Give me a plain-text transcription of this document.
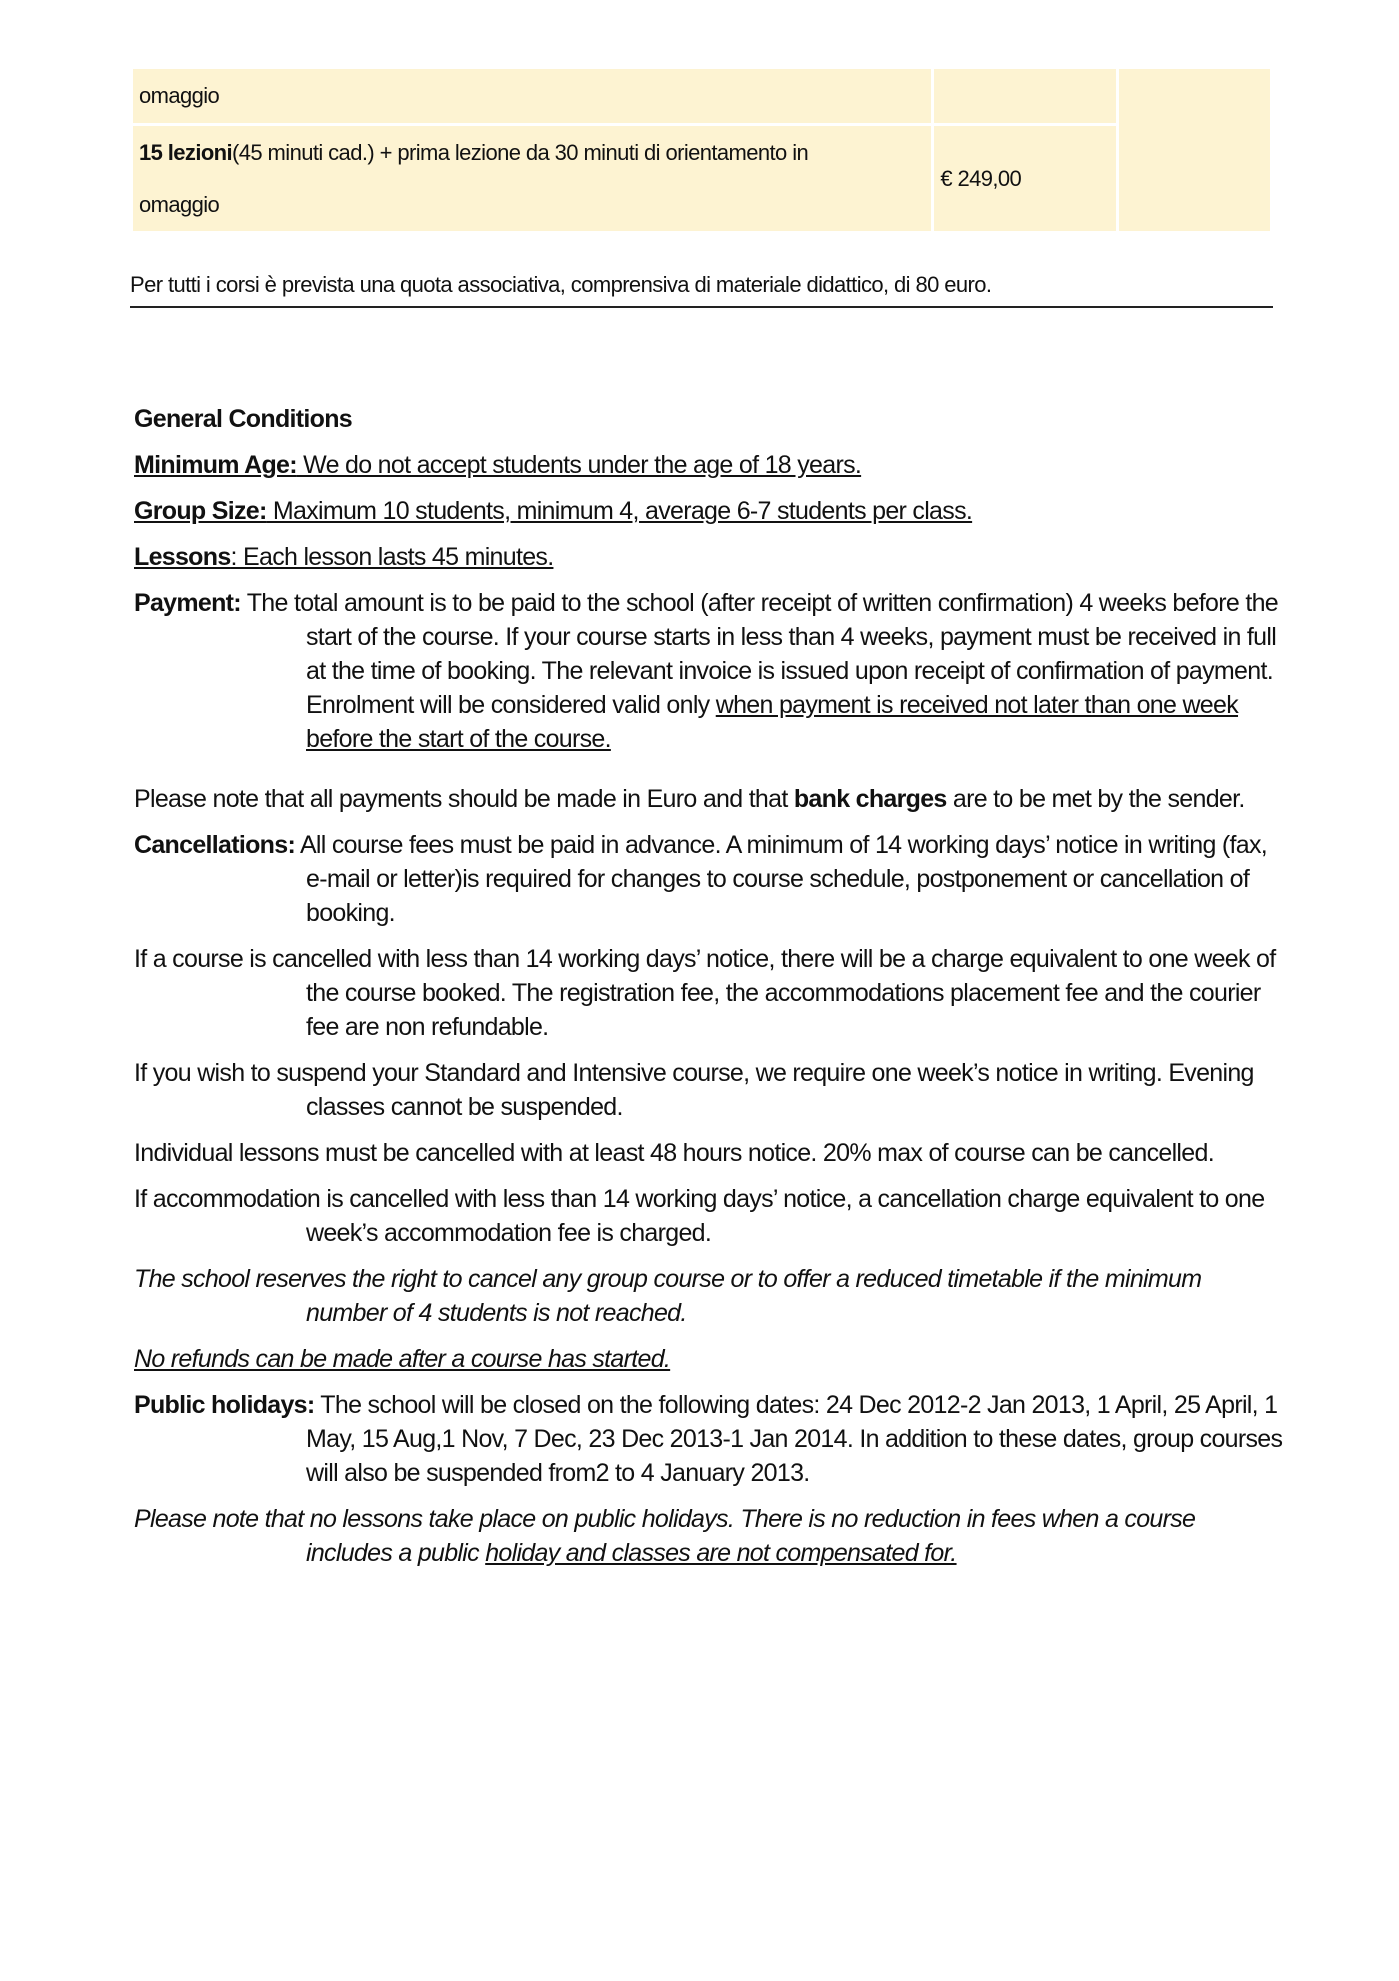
omaggio		

15 lezioni(45 minuti cad.) + prima lezione da 30 minuti di orientamento in
omaggio	€ 249,00	
Per tutti i corsi è prevista una quota associativa, comprensiva di materiale didattico, di 80 euro.

General Conditions

Minimum Age: We do not accept students under the age of 18 years.

Group Size: Maximum 10 students, minimum 4, average 6-7 students per class.

Lessons: Each lesson lasts 45 minutes.

Payment: The total amount is to be paid to the school (after receipt of written confirmation) 4 weeks before the start of the course. If your course starts in less than 4 weeks, payment must be received in full at the time of booking. The relevant invoice is issued upon receipt of confirmation of payment. Enrolment will be considered valid only when payment is received not later than one week before the start of the course.

Please note that all payments should be made in Euro and that bank charges are to be met by the sender.

Cancellations: All course fees must be paid in advance. A minimum of 14 working days’ notice in writing (fax, e-mail or letter)is required for changes to course schedule, postponement or cancellation of booking.

If a course is cancelled with less than 14 working days’ notice, there will be a charge equivalent to one week of the course booked. The registration fee, the accommodations placement fee and the courier fee are non refundable.

If you wish to suspend your Standard and Intensive course, we require one week’s notice in writing. Evening classes cannot be suspended.

Individual lessons must be cancelled with at least 48 hours notice. 20% max of course can be cancelled.

If accommodation is cancelled with less than 14 working days’ notice, a cancellation charge equivalent to one week’s accommodation fee is charged.

The school reserves the right to cancel any group course or to offer a reduced timetable if the minimum number of 4 students is not reached.

No refunds can be made after a course has started.

Public holidays: The school will be closed on the following dates: 24 Dec 2012-2 Jan 2013, 1 April, 25 April, 1 May, 15 Aug,1 Nov, 7 Dec, 23 Dec 2013-1 Jan 2014. In addition to these dates, group courses will also be suspended from2 to 4 January 2013.

Please note that no lessons take place on public holidays. There is no reduction in fees when a course includes a public holiday and classes are not compensated for.
